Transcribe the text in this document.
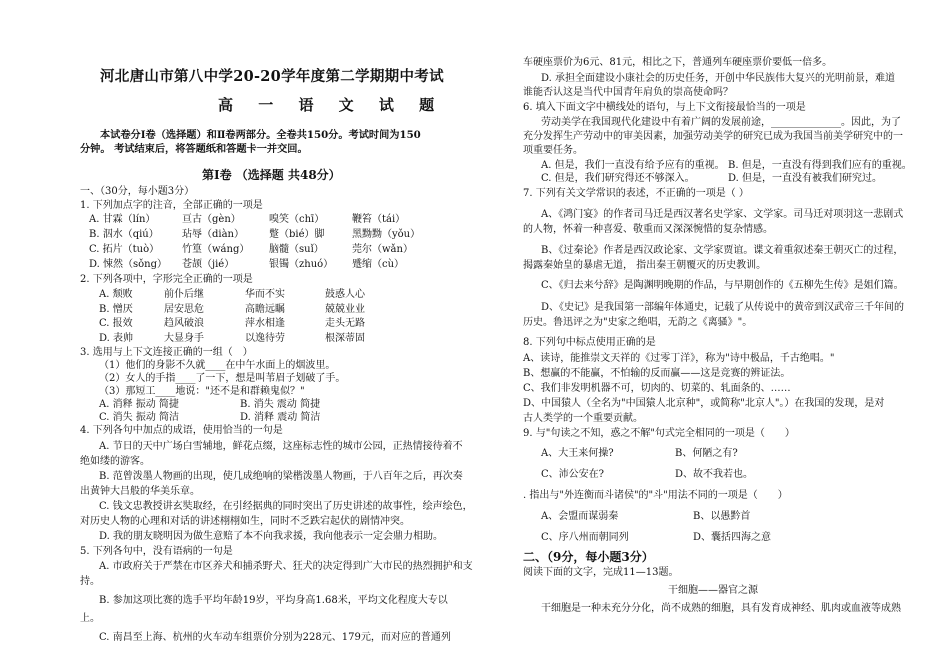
河北唐山市第八中学20-20学年度第二学期期中考试
高 一 语 文 试 题
本试卷分Ⅰ卷（选择题）和Ⅱ卷两部分。全卷共150分。考试时间为150
分钟。 考试结束后，将答题纸和答题卡一并交回。
第Ⅰ卷 （选择题 共48分）
一、（30分，每小题3分）
1. 下列加点字的注音，全部正确的一项是
A. 甘霖（lín）	亘古（gèn）	嗅笑（chī）	鞭笞（tái）
B. 泅水（qiú） 玷辱（diàn） 蹩（bié）脚	黑黝黝（yǒu）
C. 拓片（tuò） 竹篁（wáng） 脑髓（suǐ）	莞尔（wǎn）
D. 悚然（sǒng） 苍颉（jié）	银镯（zhuó） 蹙缩（cù）
2. 下列各项中，字形完全正确的一项是
A. 颓败	前仆后继	华而不实	鼓惑人心
B. 憎厌	居安思危	高瞻远瞩	兢兢业业
C. 报效	趋风破浪	萍水相逢	走头无路
D. 表帅	大显身手	以逸待劳	根深蒂固
3. 选用与上下文连接正确的一组（　）
（1）他们的身影不久就____在中午水面上的烟波里。
（2）女人的手指____了一下，想是叫苇眉子划破了手。
（3）那短工____地说："还不是和群赖鬼似？"
A. 消释 振动 简捷	B. 消失 震动 简捷
C. 消失 振动 简洁	D. 消释 震动 简洁
4. 下列各句中加点的成语，使用恰当的一句是
A. 节日的天中广场白雪辅地，鲜花点缀，这座标志性的城市公园，正热情接待着不
绝如缕的游客。
B. 范曾泼墨人物画的出现，使几成绝响的梁楷泼墨人物画，于八百年之后，再次奏
出黄钟大吕般的华美乐章。
C. 钱文忠教授讲玄奘取经，在引经据典的同时突出了历史讲述的故事性，绘声绘色，
对历史人物的心理和对话的讲述栩栩如生，同时不乏跌宕起伏的剧情冲突。
D. 我的朋友晓明因为做生意赔了本不向我求援，我向他表示一定会鼎力相助。
5. 下列各句中，没有语病的一句是
A. 市政府关于严禁在市区养犬和捕杀野犬、狂犬的决定得到广大市民的热烈拥护和支
持。
B. 参加这项比赛的选手平均年龄19岁，平均身高1.68米，平均文化程度大专以
上。
C. 南昌至上海、杭州的火车动车组票价分别为228元、179元，而对应的普通列
车硬座票价为6元、81元，相比之下，普通列车硬座票价要低一倍多。
D. 承担全面建设小康社会的历史任务，开创中华民族伟大复兴的光明前景，难道
谁能否认这是当代中国青年肩负的崇高使命吗？
6. 填入下面文字中横线处的语句，与上下文衔接最恰当的一项是
劳动美学在我国现代化建设中有着广阔的发展前途，______________。因此，为了
充分发挥生产劳动中的审美因素，加强劳动美学的研究已成为我国当前美学研究中的一
项重要任务。
A. 但是，我们一直没有给予应有的重视。 B. 但是，一直没有得到我们应有的重视。
C. 但是，我们研究得还不够深入。	D. 但是，一直没有被我们研究过。
7. 下列有关文学常识的表述，不正确的一项是（ ）
A、《鸿门宴》的作者司马迁是西汉著名史学家、文学家。司马迁对项羽这一悲剧式
的人物，怀着一种喜爱、敬重而又深深惋惜的复杂情感。
B、《过秦论》作者是西汉政论家、文学家贾谊。谍文着重叙述秦王朝灭亡的过程，
揭露秦始皇的暴虐无道， 指出秦王朝覆灭的历史教训。
C、《归去来兮辞》是陶渊明晚期的作品，与早期创作的《五柳先生传》是姐们篇。
D、《史记》是我国第一部编年体通史，记载了从传说中的黄帝到汉武帝三千年间的
历史。鲁迅评之为"史家之绝唱，无韵之《离骚》"。
8. 下列句中标点使用正确的是
A、读诗，能推崇文天祥的《过零丁洋》，称为"诗中极品，千古绝唱。"
B、想赢的不能赢，不怕输的反而赢——这是竞赛的辨证法。
C、我们非发明机器不可，切肉的、切菜的、轧面条的、……
D、中国猿人（全名为"中国猿人北京种"，或简称"北京人"。）在我国的发现，是对
古人类学的一个重要贡献。
9. 与"句读之不知，惑之不解"句式完全相同的一项是（　　）
A、大王来何操?	B、何陋之有?
C、沛公安在?	D、故不我若也。
. 指出与"外连衡而斗诸侯"的"斗"用法不同的一项是（　　）
A、会盟而谋弱秦	B、以愚黔首
C、序八州而朝同列	D、囊括四海之意
二、（9分，每小题3分）
阅读下面的文字，完成11—13题。
干细胞——器官之源
干细胞是一种未充分分化，尚不成熟的细胞，具有发育成神经、肌肉或血液等成熟
